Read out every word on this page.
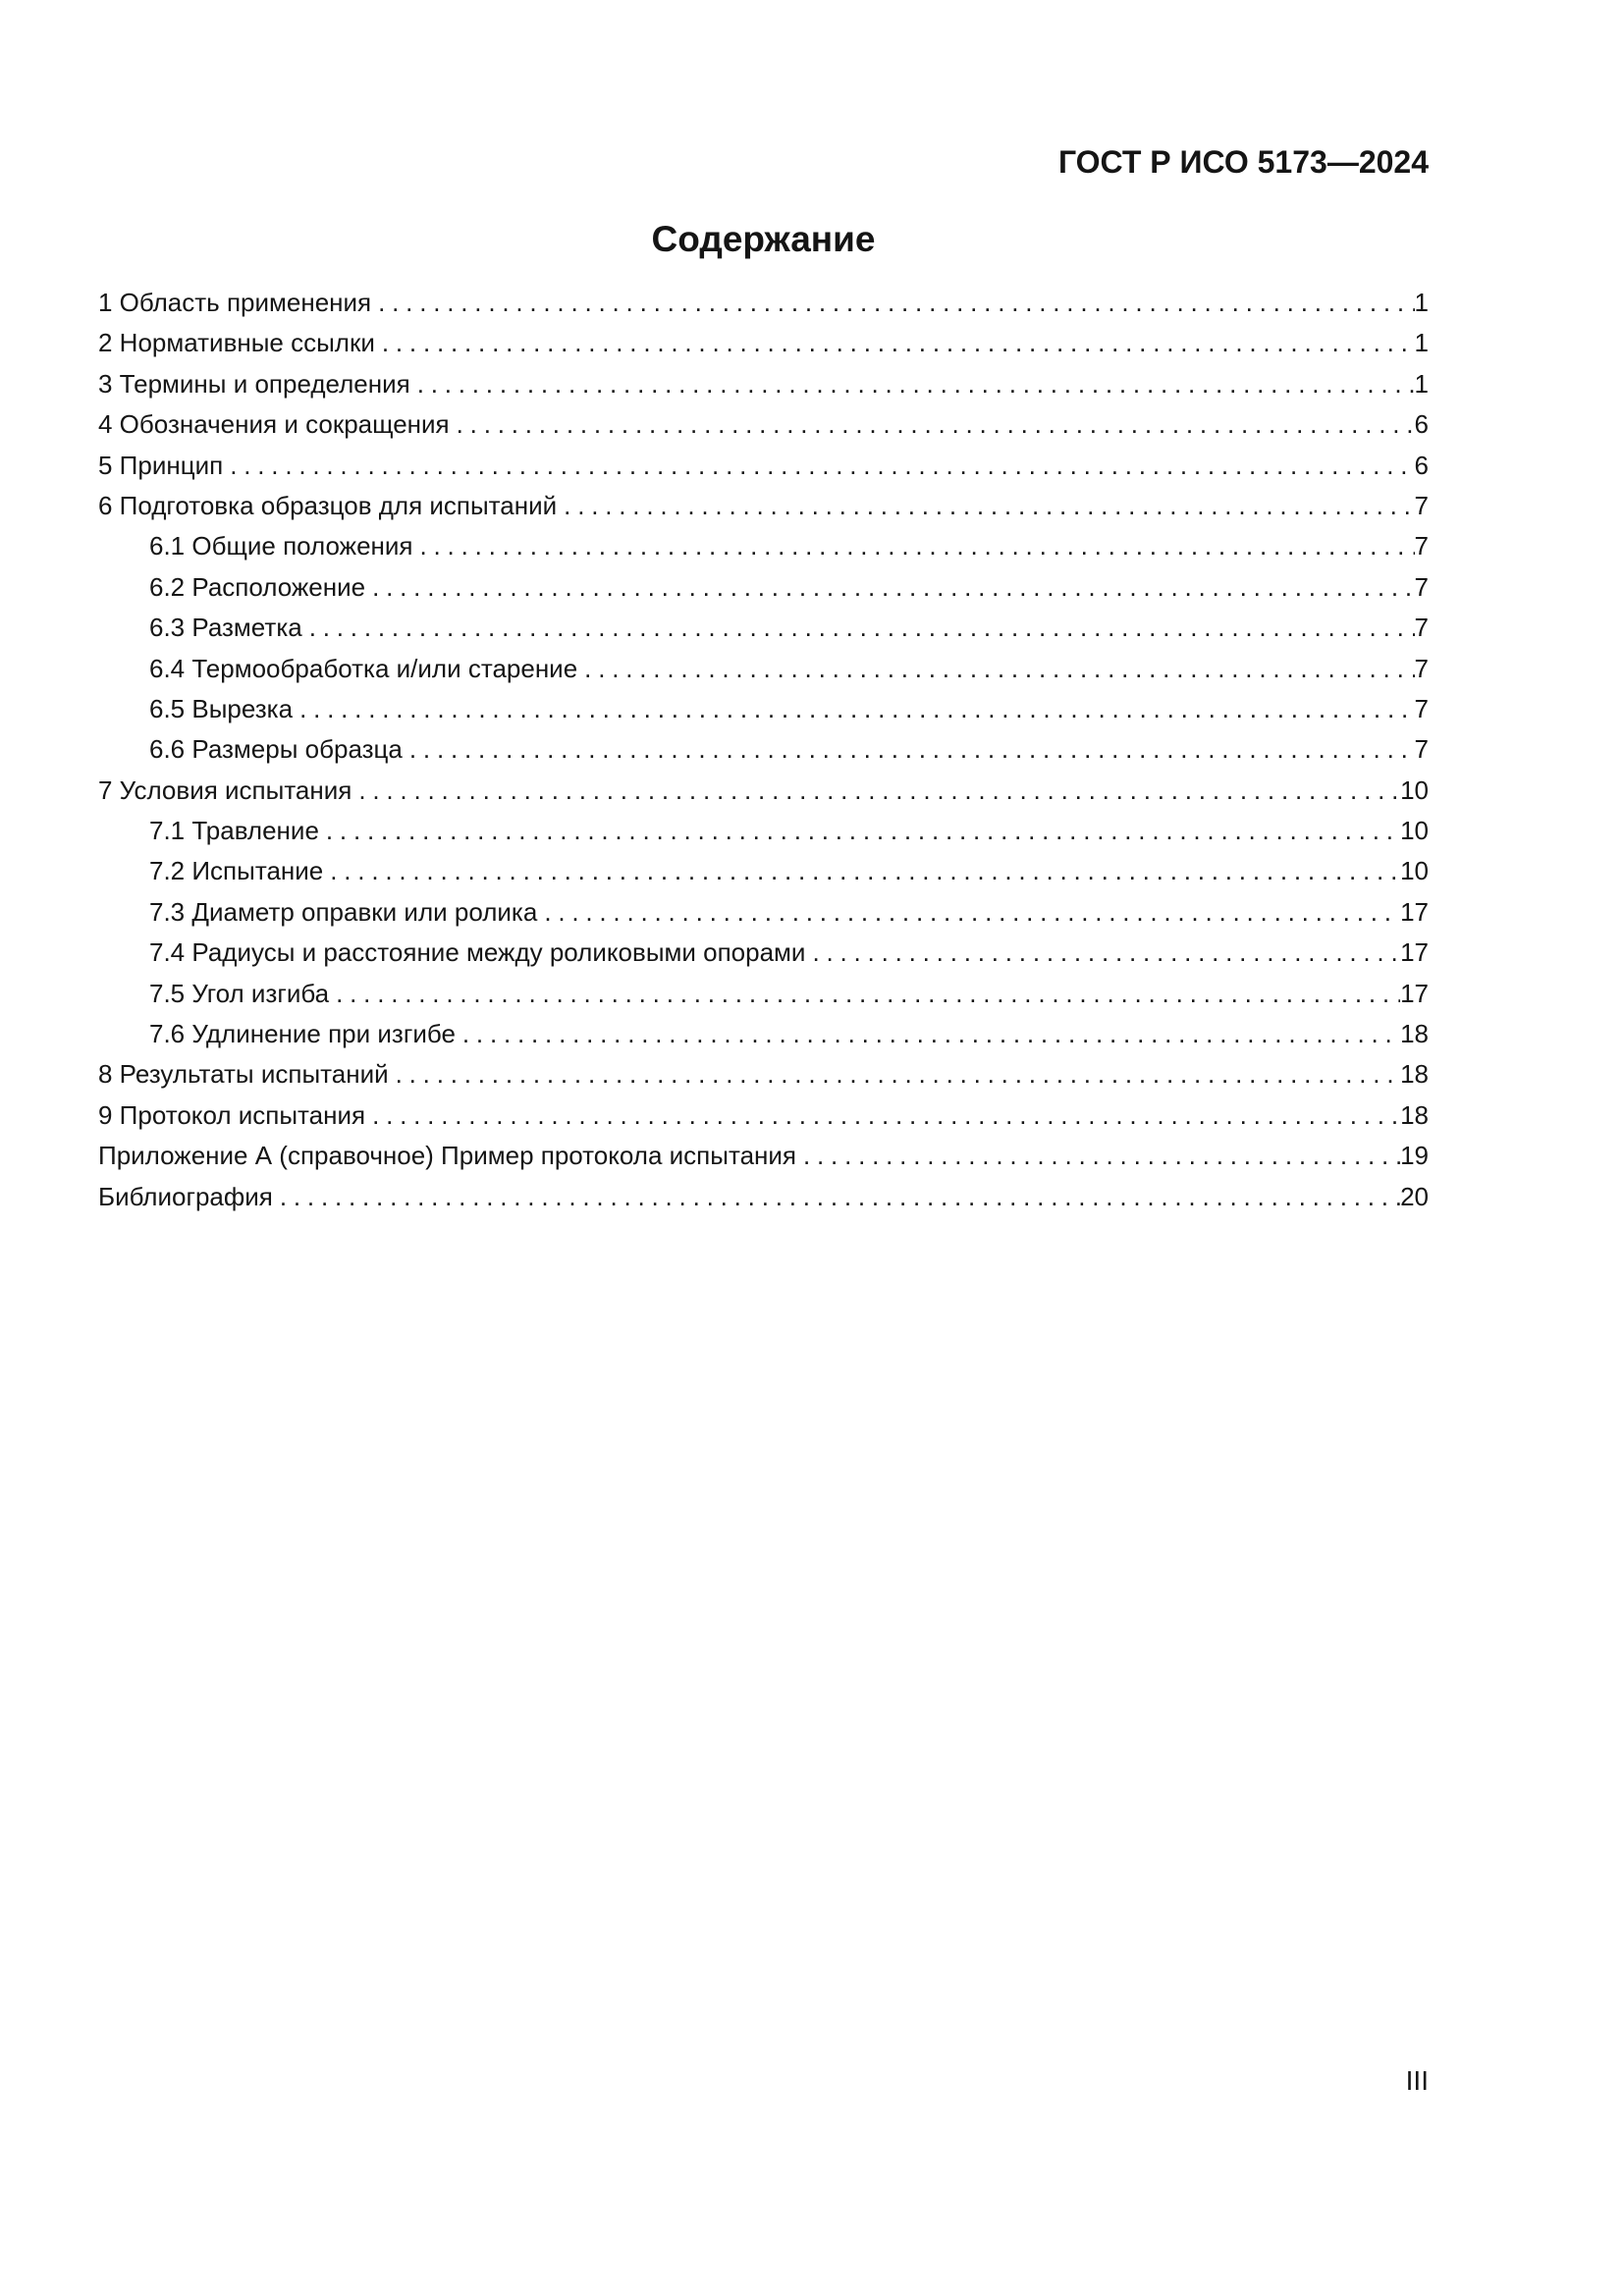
ГОСТ Р ИСО 5173—2024
Содержание
1 Область применения .....	1
2 Нормативные ссылки .....	1
3 Термины и определения .....	1
4 Обозначения и сокращения .....	6
5 Принцип .....	6
6 Подготовка образцов для испытаний .....	7
6.1 Общие положения .....	7
6.2 Расположение .....	7
6.3 Разметка .....	7
6.4 Термообработка и/или старение .....	7
6.5 Вырезка .....	7
6.6 Размеры образца .....	7
7 Условия испытания .....	10
7.1 Травление .....	10
7.2 Испытание .....	10
7.3 Диаметр оправки или ролика .....	17
7.4 Радиусы и расстояние между роликовыми опорами .....	17
7.5 Угол изгиба .....	17
7.6 Удлинение при изгибе .....	18
8 Результаты испытаний .....	18
9 Протокол испытания .....	18
Приложение А (справочное) Пример протокола испытания .....	19
Библиография .....	20
III
